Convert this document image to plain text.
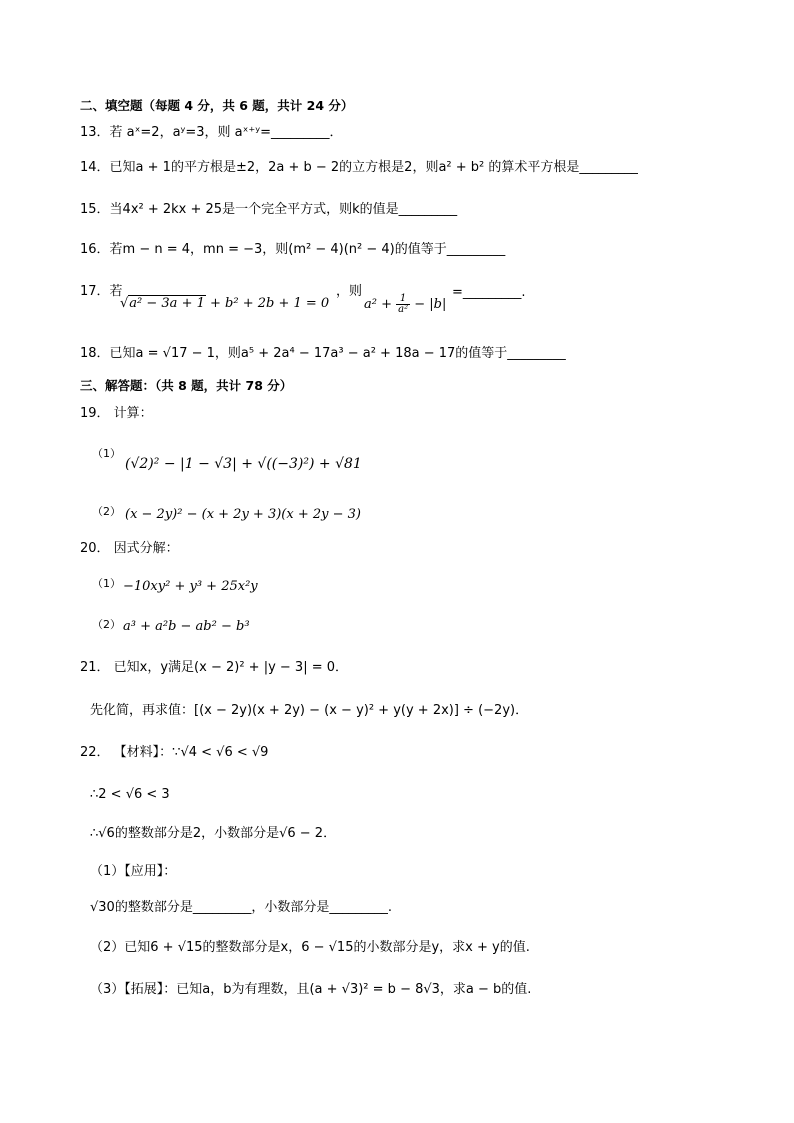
二、填空题（每题 4 分，共 6 题，共计 24 分）
13．若 aˣ=2，aʸ=3，则 aˣ⁺ʸ=_________．
14．已知a + 1的平方根是±2，2a + b − 2的立方根是2，则a² + b² 的算术平方根是_________
15．当4x² + 2kx + 25是一个完全平方式，则k的值是_________
16．若m − n = 4，mn = −3，则(m² − 4)(n² − 4)的值等于_________
17．若
√a² − 3a + 1 + b² + 2b + 1 = 0
，则
$a^2 + \frac{1}{\text{a²}} - |b|$
=_________.
18．已知a = √17 − 1，则a⁵ + 2a⁴ − 17a³ − a² + 18a − 17的值等于_________
三、解答题：（共 8 题，共计 78 分）
19． 计算：
（1）
(√2)² − |1 − √3| + √((−3)²) + √81
（2） (x − 2y)² − (x + 2y + 3)(x + 2y − 3)
20． 因式分解：
（1） −10xy² + y³ + 25x²y
（2） a³ + a²b − ab² − b³
21． 已知x，y满足(x − 2)² + |y − 3| = 0．
先化简，再求值：[(x − 2y)(x + 2y) − (x − y)² + y(y + 2x)] ÷ (−2y)．
22． 【材料】：∵√4 < √6 < √9
∴2 < √6 < 3
∴√6的整数部分是2，小数部分是√6 − 2．
（1）【应用】：
√30的整数部分是_________，小数部分是_________.
（2）已知6 + √15的整数部分是x，6 − √15的小数部分是y，求x + y的值.
（3）【拓展】：已知a，b为有理数，且(a + √3)² = b − 8√3，求a − b的值.
